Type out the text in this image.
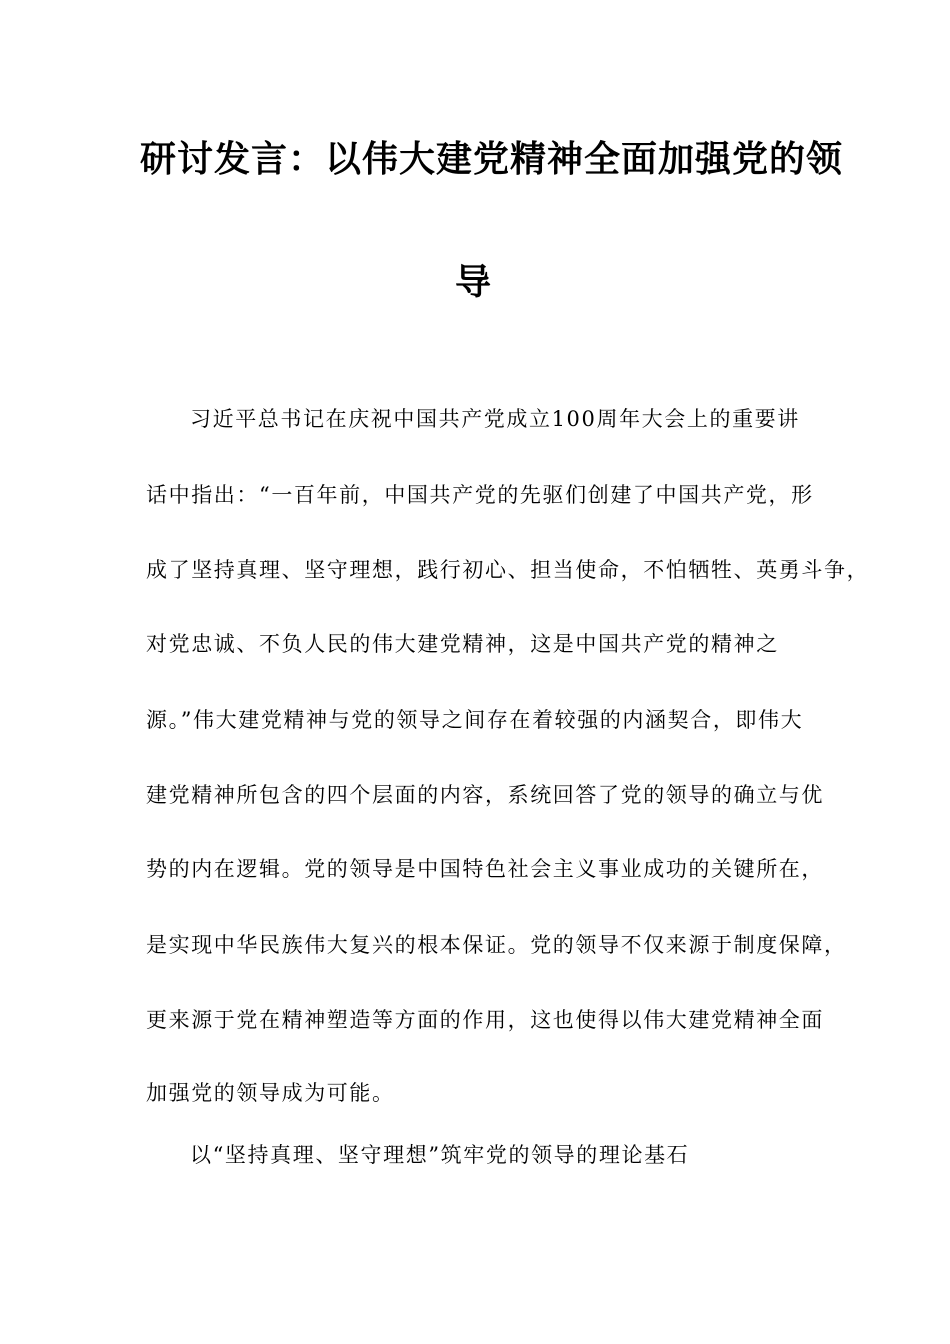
研讨发言：以伟大建党精神全面加强党的领
导
习近平总书记在庆祝中国共产党成立100周年大会上的重要讲
话中指出：“一百年前，中国共产党的先驱们创建了中国共产党，形
成了坚持真理、坚守理想，践行初心、担当使命，不怕牺牲、英勇斗争，
对党忠诚、不负人民的伟大建党精神，这是中国共产党的精神之
源。”伟大建党精神与党的领导之间存在着较强的内涵契合，即伟大
建党精神所包含的四个层面的内容，系统回答了党的领导的确立与优
势的内在逻辑。党的领导是中国特色社会主义事业成功的关键所在，
是实现中华民族伟大复兴的根本保证。党的领导不仅来源于制度保障，
更来源于党在精神塑造等方面的作用，这也使得以伟大建党精神全面
加强党的领导成为可能。
以“坚持真理、坚守理想”筑牢党的领导的理论基石
